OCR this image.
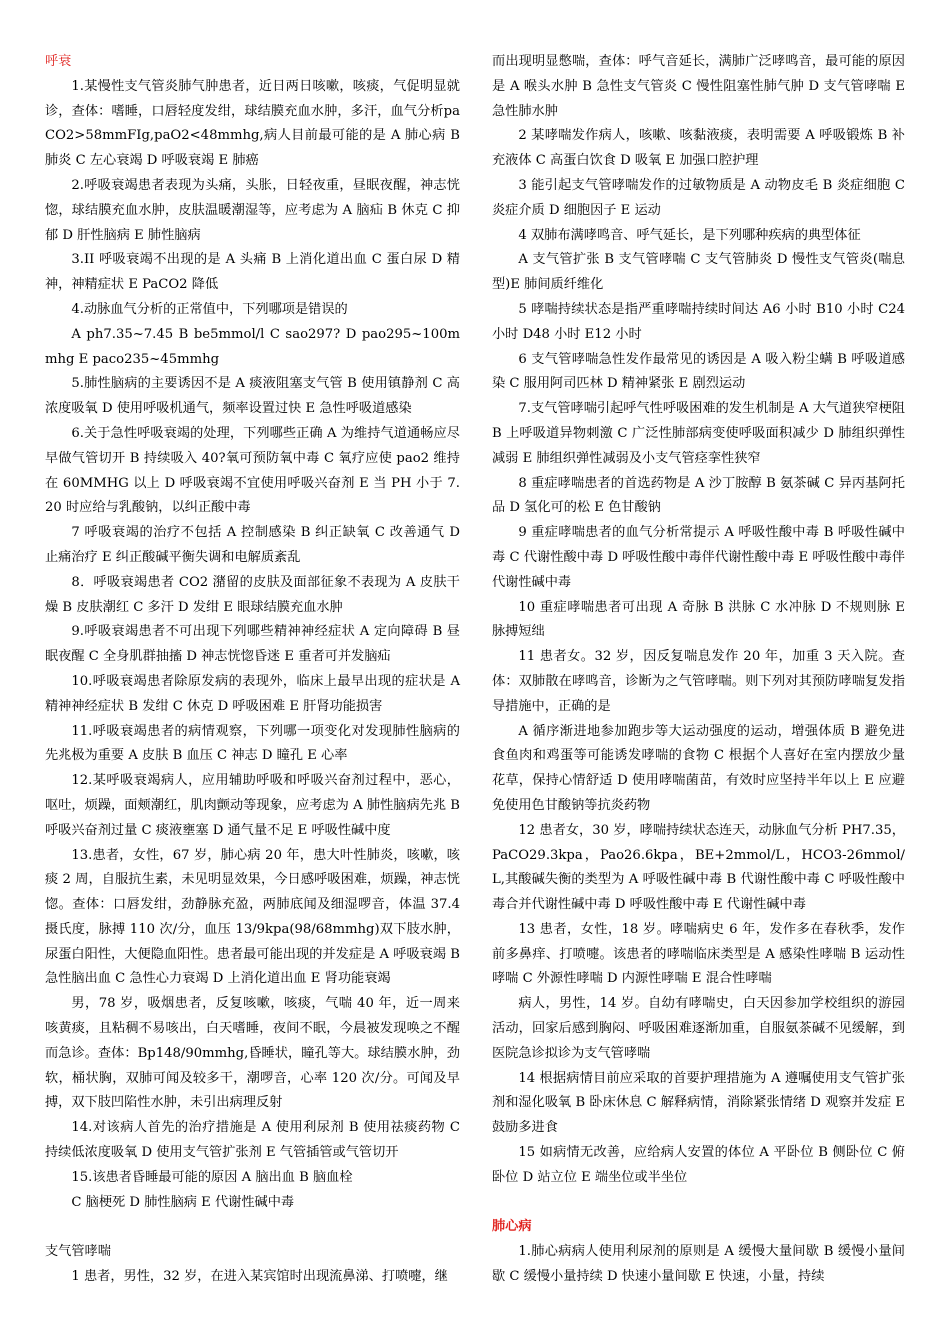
呼衰

1.某慢性支气管炎肺气肿患者，近日两日咳嗽，咳痰，气促明显就诊，查体：嗜睡，口唇轻度发绀，球结膜充血水肿，多汗，血气分析paCO2>58mmFIg,paO2<48mmhg,病人目前最可能的是 A 肺心病 B 肺炎 C 左心衰竭 D 呼吸衰竭 E 肺癌

2.呼吸衰竭患者表现为头痛，头胀，日轻夜重，昼眠夜醒，神志恍惚，球结膜充血水肿，皮肤温暖潮湿等，应考虑为 A 脑疝 B 休克 C 抑郁 D 肝性脑病 E 肺性脑病

3.II 呼吸衰竭不出现的是 A 头痛 B 上消化道出血 C 蛋白尿 D 精神，神精症状 E PaCO2 降低

4.动脉血气分析的正常值中，下列哪项是错误的

A ph7.35~7.45 B be5mmol/l C sao297? D pao295~100mmhg E paco235~45mmhg

5.肺性脑病的主要诱因不是 A 痰液阻塞支气管 B 使用镇静剂 C 高浓度吸氧 D 使用呼吸机通气，频率设置过快 E 急性呼吸道感染

6.关于急性呼吸衰竭的处理，下列哪些正确 A 为维持气道通畅应尽早做气管切开 B 持续吸入 40?氧可预防氧中毒 C 氧疗应使 pao2 维持在 60MMHG 以上 D 呼吸衰竭不宜使用呼吸兴奋剂 E 当 PH 小于 7.20 时应给与乳酸钠，以纠正酸中毒

7 呼吸衰竭的治疗不包括 A 控制感染 B 纠正缺氧 C 改善通气 D 止痛治疗 E 纠正酸碱平衡失调和电解质紊乱

8．呼吸衰竭患者 CO2 潴留的皮肤及面部征象不表现为 A 皮肤干燥 B 皮肤潮红 C 多汗 D 发绀 E 眼球结膜充血水肿

9.呼吸衰竭患者不可出现下列哪些精神神经症状 A 定向障碍 B 昼眠夜醒 C 全身肌群抽搐 D 神志恍惚昏迷 E 重者可并发脑疝

10.呼吸衰竭患者除原发病的表现外，临床上最早出现的症状是 A 精神神经症状 B 发绀 C 休克 D 呼吸困难 E 肝肾功能损害

11.呼吸衰竭患者的病情观察，下列哪一项变化对发现肺性脑病的先兆极为重要 A 皮肤 B 血压 C 神志 D 瞳孔 E 心率

12.某呼吸衰竭病人，应用辅助呼吸和呼吸兴奋剂过程中，恶心，呕吐，烦躁，面颊潮红，肌肉颤动等现象，应考虑为 A 肺性脑病先兆 B 呼吸兴奋剂过量 C 痰液壅塞 D 通气量不足 E 呼吸性碱中度

13.患者，女性，67 岁，肺心病 20 年，患大叶性肺炎，咳嗽，咳痰 2 周，自服抗生素，未见明显效果，今日感呼吸困难，烦躁，神志恍惚。查体：口唇发绀，劲静脉充盈，两肺底闻及细湿啰音，体温 37.4 摄氏度，脉搏 110 次/分，血压 13/9kpa(98/68mmhg)双下肢水肿，尿蛋白阳性，大便隐血阳性。患者最可能出现的并发症是 A 呼吸衰竭 B 急性脑出血 C 急性心力衰竭 D 上消化道出血 E 肾功能衰竭

男，78 岁，吸烟患者，反复咳嗽，咳痰，气喘 40 年，近一周来咳黄痰，且粘稠不易咳出，白天嗜睡，夜间不眠，今晨被发现唤之不醒而急诊。查体：Bp148/90mmhg,昏睡状，瞳孔等大。球结膜水肿，劲软，桶状胸，双肺可闻及较多干，潮啰音，心率 120 次/分。可闻及早搏，双下肢凹陷性水肿，未引出病理反射

14.对该病人首先的治疗措施是 A 使用利尿剂 B 使用祛痰药物 C 持续低浓度吸氧 D 使用支气管扩张剂 E 气管插管或气管切开

15.该患者昏睡最可能的原因 A 脑出血 B 脑血栓

C 脑梗死 D 肺性脑病 E 代谢性碱中毒

支气管哮喘

1 患者，男性，32 岁，在进入某宾馆时出现流鼻涕、打喷嚏，继

而出现明显憋喘，查体：呼气音延长，满肺广泛哮鸣音，最可能的原因是 A 喉头水肿 B 急性支气管炎 C 慢性阻塞性肺气肿 D 支气管哮喘 E 急性肺水肿

2 某哮喘发作病人，咳嗽、咳黏液痰，表明需要 A 呼吸锻炼 B 补充液体 C 高蛋白饮食 D 吸氧 E 加强口腔护理

3 能引起支气管哮喘发作的过敏物质是 A 动物皮毛 B 炎症细胞 C 炎症介质 D 细胞因子 E 运动

4 双肺布满哮鸣音、呼气延长，是下列哪种疾病的典型体征

A 支气管扩张 B 支气管哮喘 C 支气管肺炎 D 慢性支气管炎(喘息型)E 肺间质纤维化

5 哮喘持续状态是指严重哮喘持续时间达 A6 小时 B10 小时 C24 小时 D48 小时 E12 小时

6 支气管哮喘急性发作最常见的诱因是 A 吸入粉尘螨 B 呼吸道感染 C 服用阿司匹林 D 精神紧张 E 剧烈运动

7.支气管哮喘引起呼气性呼吸困难的发生机制是 A 大气道狭窄梗阻 B 上呼吸道异物刺激 C 广泛性肺部病变使呼吸面积减少 D 肺组织弹性减弱 E 肺组织弹性减弱及小支气管痉挛性狭窄

8 重症哮喘患者的首选药物是 A 沙丁胺醇 B 氨茶碱 C 异丙基阿托品 D 氢化可的松 E 色甘酸钠

9 重症哮喘患者的血气分析常提示 A 呼吸性酸中毒 B 呼吸性碱中毒 C 代谢性酸中毒 D 呼吸性酸中毒伴代谢性酸中毒 E 呼吸性酸中毒伴代谢性碱中毒

10 重症哮喘患者可出现 A 奇脉 B 洪脉 C 水冲脉 D 不规则脉 E 脉搏短绌

11 患者女。32 岁，因反复喘息发作 20 年，加重 3 天入院。查体：双肺散在哮鸣音，诊断为之气管哮喘。则下列对其预防哮喘复发指导措施中，正确的是

A 循序渐进地参加跑步等大运动强度的运动，增强体质 B 避免进食鱼肉和鸡蛋等可能诱发哮喘的食物 C 根据个人喜好在室内摆放少量花草，保持心情舒适 D 使用哮喘菌苗，有效时应坚持半年以上 E 应避免使用色甘酸钠等抗炎药物

12 患者女，30 岁，哮喘持续状态连天，动脉血气分析 PH7.35，PaCO29.3kpa，Pao26.6kpa，BE+2mmol/L，HCO3-26mmol/L,其酸碱失衡的类型为 A 呼吸性碱中毒 B 代谢性酸中毒 C 呼吸性酸中毒合并代谢性碱中毒 D 呼吸性酸中毒 E 代谢性碱中毒

13 患者，女性，18 岁。哮喘病史 6 年，发作多在春秋季，发作前多鼻痒、打喷嚏。该患者的哮喘临床类型是 A 感染性哮喘 B 运动性哮喘 C 外源性哮喘 D 内源性哮喘 E 混合性哮喘

病人，男性，14 岁。自幼有哮喘史，白天因参加学校组织的游园活动，回家后感到胸闷、呼吸困难逐渐加重，自服氨茶碱不见缓解，到医院急诊拟诊为支气管哮喘

14 根据病情目前应采取的首要护理措施为 A 遵嘱使用支气管扩张剂和湿化吸氧 B 卧床休息 C 解释病情，消除紧张情绪 D 观察并发症 E 鼓励多进食

15 如病情无改善，应给病人安置的体位 A 平卧位 B 侧卧位 C 俯卧位 D 站立位 E 端坐位或半坐位

肺心病

1.肺心病病人使用利尿剂的原则是 A 缓慢大量间歇 B 缓慢小量间歇 C 缓慢小量持续 D 快速小量间歇 E 快速，小量，持续
